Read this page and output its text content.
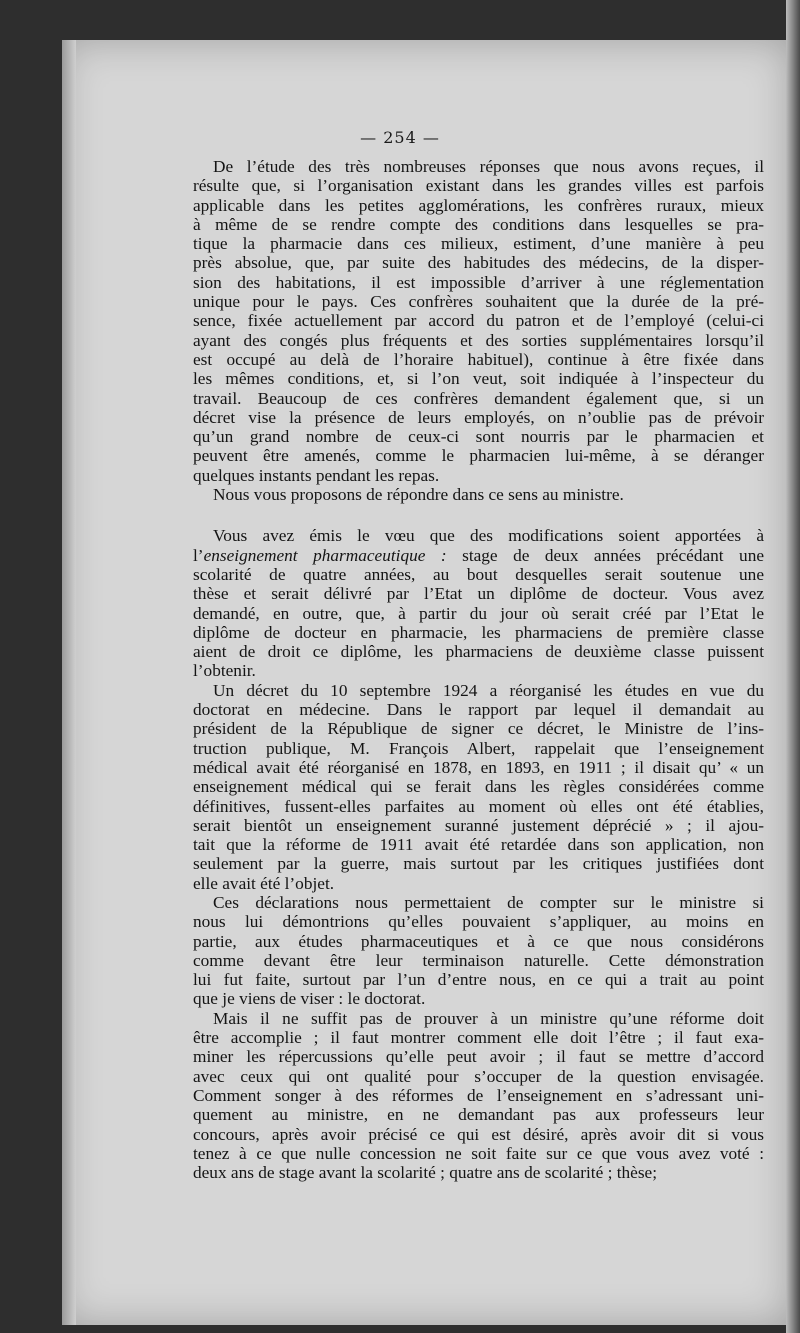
— 254 —
De l’étude des très nombreuses réponses que nous avons reçues, il
résulte que, si l’organisation existant dans les grandes villes est parfois
applicable dans les petites agglomérations, les confrères ruraux, mieux
à même de se rendre compte des conditions dans lesquelles se pra-
tique la pharmacie dans ces milieux, estiment, d’une manière à peu
près absolue, que, par suite des habitudes des médecins, de la disper-
sion des habitations, il est impossible d’arriver à une réglementation
unique pour le pays. Ces confrères souhaitent que la durée de la pré-
sence, fixée actuellement par accord du patron et de l’employé (celui-ci
ayant des congés plus fréquents et des sorties supplémentaires lorsqu’il
est occupé au delà de l’horaire habituel), continue à être fixée dans
les mêmes conditions, et, si l’on veut, soit indiquée à l’inspecteur du
travail. Beaucoup de ces confrères demandent également que, si un
décret vise la présence de leurs employés, on n’oublie pas de prévoir
qu’un grand nombre de ceux-ci sont nourris par le pharmacien et
peuvent être amenés, comme le pharmacien lui-même, à se déranger
quelques instants pendant les repas.
Nous vous proposons de répondre dans ce sens au ministre.
Vous avez émis le vœu que des modifications soient apportées à
l’enseignement pharmaceutique : stage de deux années précédant une
scolarité de quatre années, au bout desquelles serait soutenue une
thèse et serait délivré par l’Etat un diplôme de docteur. Vous avez
demandé, en outre, que, à partir du jour où serait créé par l’Etat le
diplôme de docteur en pharmacie, les pharmaciens de première classe
aient de droit ce diplôme, les pharmaciens de deuxième classe puissent
l’obtenir.
Un décret du 10 septembre 1924 a réorganisé les études en vue du
doctorat en médecine. Dans le rapport par lequel il demandait au
président de la République de signer ce décret, le Ministre de l’ins-
truction publique, M. François Albert, rappelait que l’enseignement
médical avait été réorganisé en 1878, en 1893, en 1911 ; il disait qu’ « un
enseignement médical qui se ferait dans les règles considérées comme
définitives, fussent-elles parfaites au moment où elles ont été établies,
serait bientôt un enseignement suranné justement déprécié » ; il ajou-
tait que la réforme de 1911 avait été retardée dans son application, non
seulement par la guerre, mais surtout par les critiques justifiées dont
elle avait été l’objet.
Ces déclarations nous permettaient de compter sur le ministre si
nous lui démontrions qu’elles pouvaient s’appliquer, au moins en
partie, aux études pharmaceutiques et à ce que nous considérons
comme devant être leur terminaison naturelle. Cette démonstration
lui fut faite, surtout par l’un d’entre nous, en ce qui a trait au point
que je viens de viser : le doctorat.
Mais il ne suffit pas de prouver à un ministre qu’une réforme doit
être accomplie ; il faut montrer comment elle doit l’être ; il faut exa-
miner les répercussions qu’elle peut avoir ; il faut se mettre d’accord
avec ceux qui ont qualité pour s’occuper de la question envisagée.
Comment songer à des réformes de l’enseignement en s’adressant uni-
quement au ministre, en ne demandant pas aux professeurs leur
concours, après avoir précisé ce qui est désiré, après avoir dit si vous
tenez à ce que nulle concession ne soit faite sur ce que vous avez voté :
deux ans de stage avant la scolarité ; quatre ans de scolarité ; thèse;
